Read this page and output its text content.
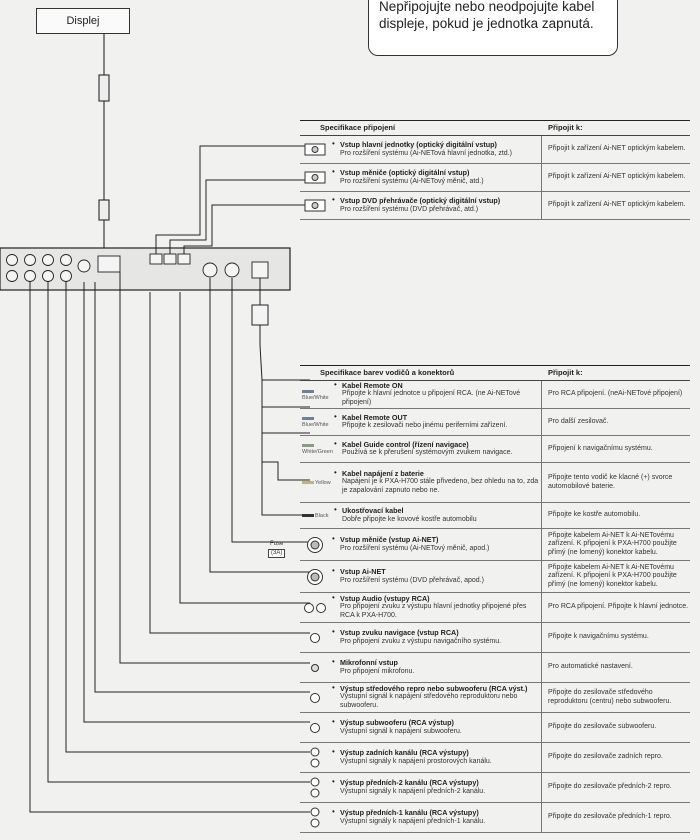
Displej
Nepřipojujte nebo neodpojujte kabel displeje, pokud je jednotka zapnutá.
Specifikace připojení	Připojit k:
• Vstup hlavní jednotky (optický digitální vstup)
Pro rozšíření systému (Ai-NETová hlavní jednotka, ztd.)
Připojit k zařízení Ai-NET optickým kabelem.
• Vstup měniče (optický digitální vstup)
Pro rozšíření systému (Ai-NETový měnič, atd.)
Připojit k zařízení Ai-NET optickým kabelem.
• Vstup DVD přehrávače (optický digitální vstup)
Pro rozšíření systému (DVD přehrávač, atd.)
Připojit k zařízení Ai-NET optickým kabelem.
Fuse
(3A)
Specifikace barev vodičů a konektorů	Připojit k:
Blue/White
• Kabel Remote ON
Připojte k hlavní jednotce u připojení RCA. (ne Ai-NETové připojení)
Pro RCA připojení. (neAi-NETové připojení)
Blue/White
• Kabel Remote OUT
Připojte k zesilovači nebo jinému periferními zařízení.
Pro další zesilovač.
White/Green
• Kabel Guide control (řízení navigace)
Používá se k přerušení systémovým zvukem navigace.
Připojení k navigačnímu systému.
Yellow
• Kabel napájení z baterie
Napájení je k PXA-H700 stále přivedeno, bez ohledu na to, zda je zapalování zapnuto nebo ne.
Připojte tento vodič ke klacné (+) svorce automobilové baterie.
Black
• Ukostřovací kabel
Dobře připojte ke kovové kostře automobilu
Připojte ke kostře automobilu.
• Vstup měniče (vstup Ai-NET)
Pro rozšíření systému (Ai-NETový měnič, apod.)
Připojte kabelem Ai-NET k Ai-NETovému zařízení. K připojení k PXA-H700 použijte přímý (ne lomený) konektor kabelu.
• Vstup Ai-NET
Pro rozšíření systému (DVD přehrávač, apod.)
Připojte kabelem Ai-NET k Ai-NETovému zařízení. K připojení k PXA-H700 použijte přímý (ne lomený) konektor kabelu.
• Vstup Audio (vstupy RCA)
Pro připojení zvuku z výstupu hlavní jednotky připojené přes RCA k PXA-H700.
Pro RCA připojení. Připojte k hlavní jednotce.
• Vstup zvuku navigace (vstup RCA)
Pro připojení zvuku z výstupu navigačního systému.
Připojte k navigačnímu systému.
• Mikrofonní vstup
Pro připojení mikrofonu.
Pro automatické nastavení.
• Výstup středového repro nebo subwooferu (RCA výst.)
Výstupní signál k napájení středového reproduktoru nebo subwooferu.
Připojte do zesilovače středového reproduktoru (centru) nebo subwooferu.
• Výstup subwooferu (RCA výstup)
Výstupní signál k napájení subwooferu.
Připojte do zesilovače subwooferu.
• Výstup zadních kanálu (RCA výstupy)
Výstupní signály k napájení prostorových kanálu.
Připojte do zesilovače zadních repro.
• Výstup předních-2 kanálu (RCA výstupy)
Výstupní signály k napájení předních-2 kanálu.
Připojte do zesilovače předních-2 repro.
• Výstup předních-1 kanálu (RCA výstupy)
Výstupní signály k napájení předních-1 kanálu.
Připojte do zesilovače předních-1 repro.
